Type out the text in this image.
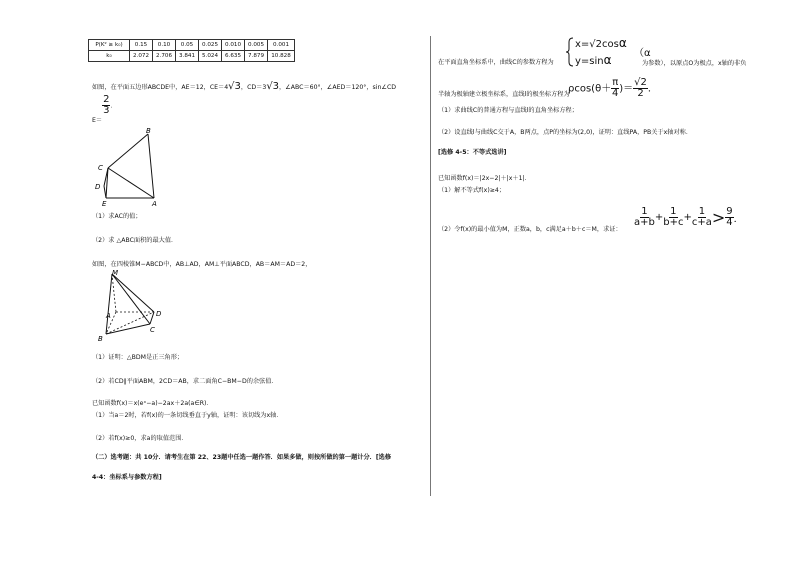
P(K² ≥ k₀)	0.15	0.10	0.05	0.025	0.010	0.005	0.001
k₀	2.072	2.706	3.841	5.024	6.635	7.879	10.828
如图，在平面五边形ABCDE中，AE＝12，CE＝4√3，CD＝3√3，∠ABC＝60°，∠AED＝120°，sin∠CD
E＝
$\frac{2}{3}$ ．
B
C
D
E	A
（1）求AC的值；
（2）求 △ABC面积的最大值．
如图，在四棱锥M−ABCD中，AB⊥AD，AM⊥平面ABCD，AB＝AM＝AD＝2，
M
A
B
C
D
（1）证明：△BDM是正三角形；
（2）若CD∥平面ABM，2CD＝AB，求二面角C−BM−D的余弦值．
已知函数f(x)＝x(eˣ−a)−2ax＋2a(a∈R)．
（1）当a＝2时，若f(x)的一条切线垂直于y轴，证明：该切线为x轴．
（2）若f(x)≥0，求a的取值范围．
（二）选考题：共 10分．请考生在第 22、23题中任选一题作答．如果多做，则按所做的第一题计分．[选修
4-4：坐标系与参数方程]
在平面直角坐标系中，曲线C的参数方程为
x=√2cosα
y=sinα （α
为参数），以原点O为极点，x轴的非负
半轴为极轴建立极坐标系，直线l的极坐标方程为
$\rho\cos(\theta+ \frac{\pi}{4}$ )＝ $\frac{√2}{2}$ ．
（1）求曲线C的普通方程与直线l的直角坐标方程；
（2）设直线l与曲线C交于A，B两点，点P的坐标为(2,0)，证明：直线PA，PB关于x轴对称．
[选修 4-5：不等式选讲]
已知函数f(x)＝|2x−2|＋|x＋1|．
（1）解不等式f(x)≥4；
（2）令f(x)的最小值为M，正数a，b，c满足a＋b＋c＝M，求证：
$\frac{1}{a+b} + \frac{1}{b+c} + \frac{1}{c+a} > \frac{9}{4}$ ．
